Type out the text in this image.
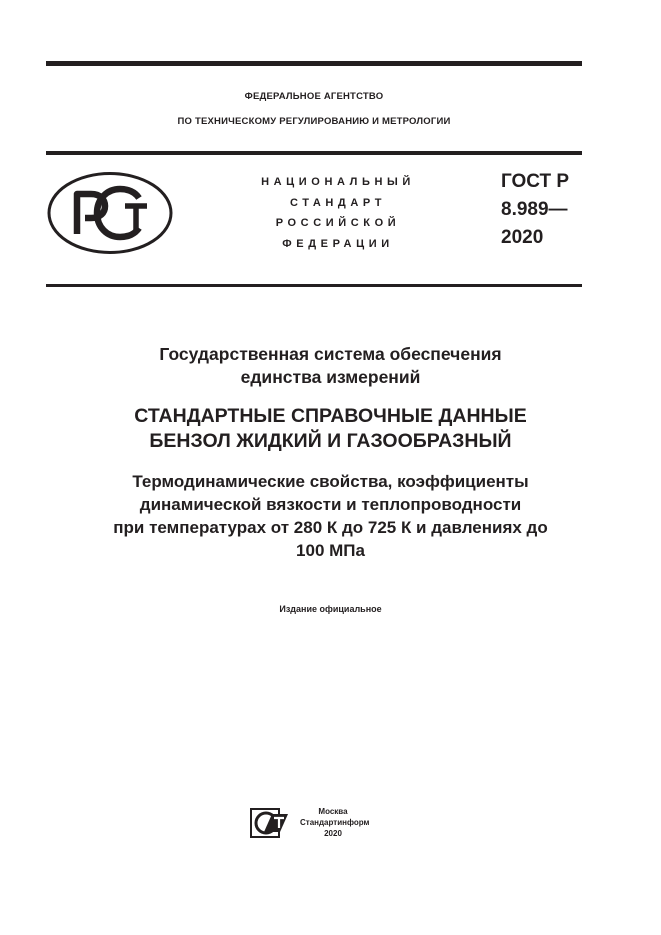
ФЕДЕРАЛЬНОЕ АГЕНТСТВО
ПО ТЕХНИЧЕСКОМУ РЕГУЛИРОВАНИЮ И МЕТРОЛОГИИ
НАЦИОНАЛЬНЫЙ
СТАНДАРТ
РОССИЙСКОЙ
ФЕДЕРАЦИИ
ГОСТ Р
8.989—
2020
Государственная система обеспечения
единства измерений
СТАНДАРТНЫЕ СПРАВОЧНЫЕ ДАННЫЕ
БЕНЗОЛ ЖИДКИЙ И ГАЗООБРАЗНЫЙ
Термодинамические свойства, коэффициенты
динамической вязкости и теплопроводности
при температурах от 280 К до 725 К и давлениях до
100 МПа
Издание официальное
Москва
Стандартинформ
2020
